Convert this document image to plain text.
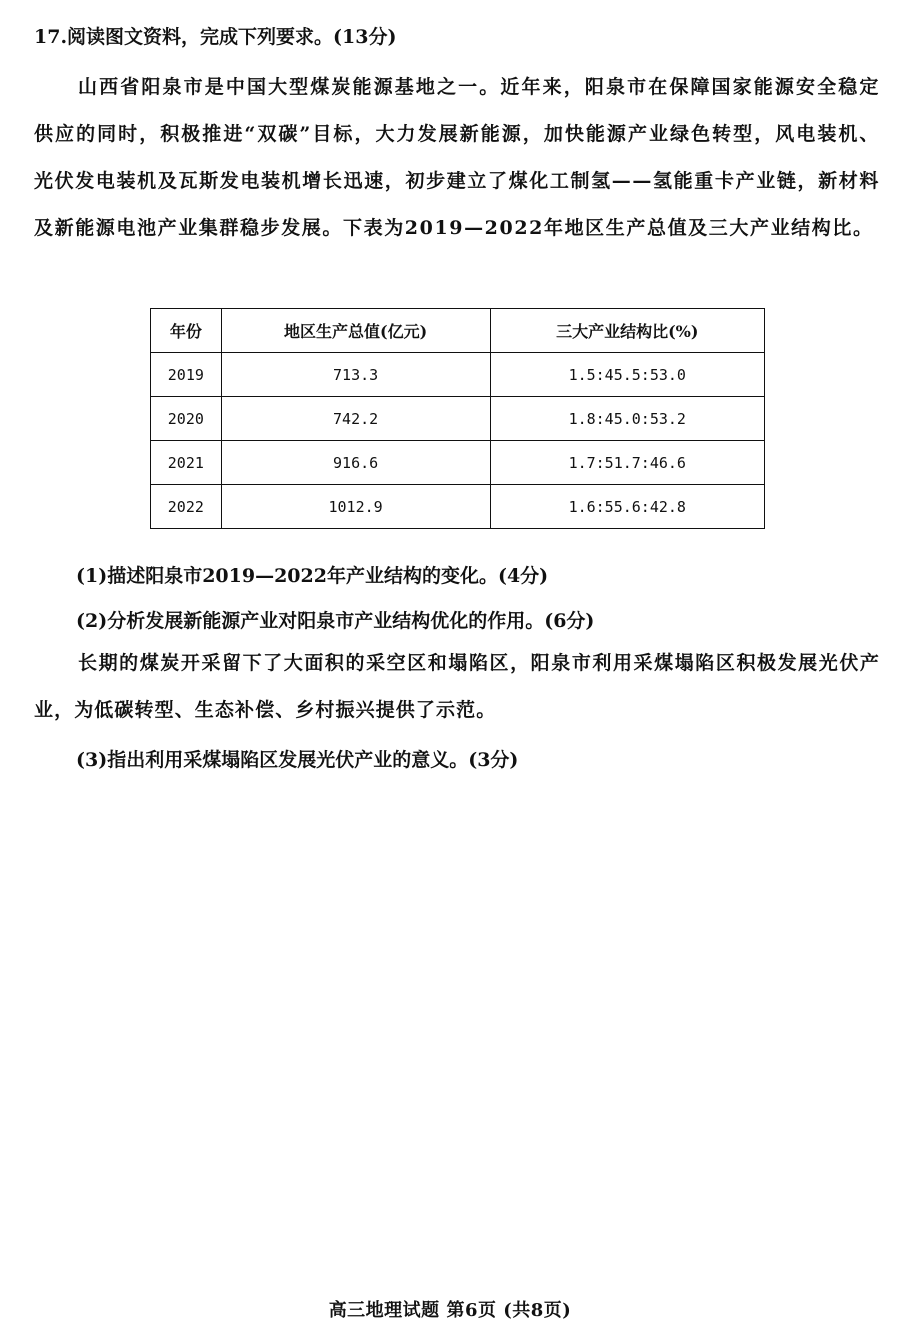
17.阅读图文资料，完成下列要求。(13分)
山西省阳泉市是中国大型煤炭能源基地之一。近年来，阳泉市在保障国家能源安全稳定供应的同时，积极推进“双碳”目标，大力发展新能源，加快能源产业绿色转型，风电装机、光伏发电装机及瓦斯发电装机增长迅速，初步建立了煤化工制氢——氢能重卡产业链，新材料及新能源电池产业集群稳步发展。下表为2019—2022年地区生产总值及三大产业结构比。
年份	地区生产总值(亿元)	三大产业结构比(%)
2019	713.3	1.5:45.5:53.0
2020	742.2	1.8:45.0:53.2
2021	916.6	1.7:51.7:46.6
2022	1012.9	1.6:55.6:42.8
(1)描述阳泉市2019—2022年产业结构的变化。(4分)
(2)分析发展新能源产业对阳泉市产业结构优化的作用。(6分)
长期的煤炭开采留下了大面积的采空区和塌陷区，阳泉市利用采煤塌陷区积极发展光伏产业，为低碳转型、生态补偿、乡村振兴提供了示范。
(3)指出利用采煤塌陷区发展光伏产业的意义。(3分)
高三地理试题 第6页 (共8页)
